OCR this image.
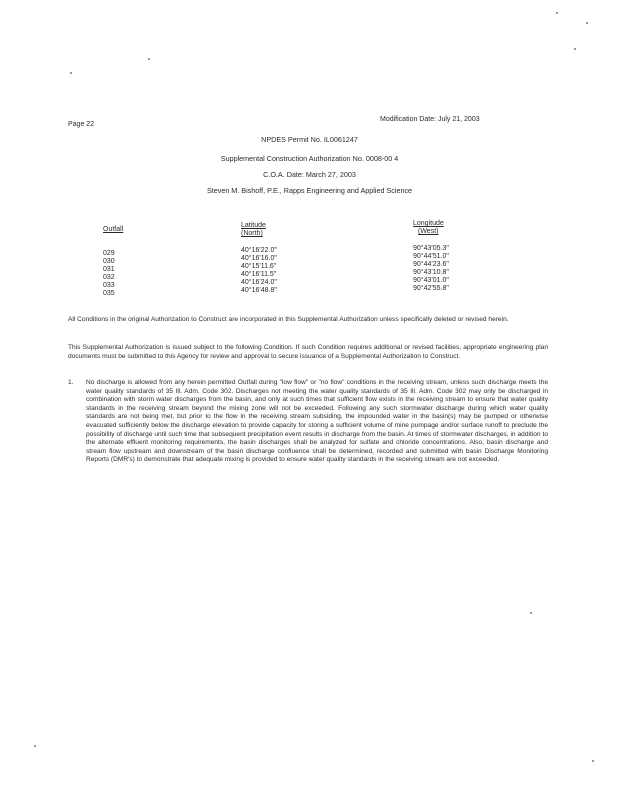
Page 22
Modification Date: July 21, 2003
NPDES Permit No. IL0061247
Supplemental Construction Authorization No. 0008-00 4
C.O.A. Date: March 27, 2003
Steven M. Bishoff, P.E., Rapps Engineering and Applied Science
Outfall
Latitude
(North)
Longitude
(West)
029
030
031
032
033
035
40°16'22.0"
40°16'16.0"
40°15'11.6"
40°16'11.5"
40°16'24.0"
40°16'48.8"
90°43'05.3"
90°44'51.0"
90°44'23.6"
90°43'10.8"
90°43'01.0"
90°42'55.8"
All Conditions in the original Authorization to Construct are incorporated in this Supplemental Authorization unless specifically deleted or revised herein.
This Supplemental Authorization is issued subject to the following Condition. If such Condition requires additional or revised facilities, appropriate engineering plan documents must be submitted to this Agency for review and approval to secure issuance of a Supplemental Authorization to Construct.
1. No discharge is allowed from any herein permitted Outfall during "low flow" or "no flow" conditions in the receiving stream, unless such discharge meets the water quality standards of 35 Ill. Adm. Code 302. Discharges not meeting the water quality standards of 35 Ill. Adm. Code 302 may only be discharged in combination with storm water discharges from the basin, and only at such times that sufficient flow exists in the receiving stream to ensure that water quality standards in the receiving stream beyond the mixing zone will not be exceeded. Following any such stormwater discharge during which water quality standards are not being met, but prior to the flow in the receiving stream subsiding, the impounded water in the basin(s) may be pumped or otherwise evacuated sufficiently below the discharge elevation to provide capacity for storing a sufficient volume of mine pumpage and/or surface runoff to preclude the possibility of discharge until such time that subsequent precipitation event results in discharge from the basin. At times of stormwater discharges, in addition to the alternate effluent monitoring requirements, the basin discharges shall be analyzed for sulfate and chloride concentrations. Also, basin discharge and stream flow upstream and downstream of the basin discharge confluence shall be determined, recorded and submitted with basin Discharge Monitoring Reports (DMR's) to demonstrate that adequate mixing is provided to ensure water quality standards in the receiving stream are not exceeded.
